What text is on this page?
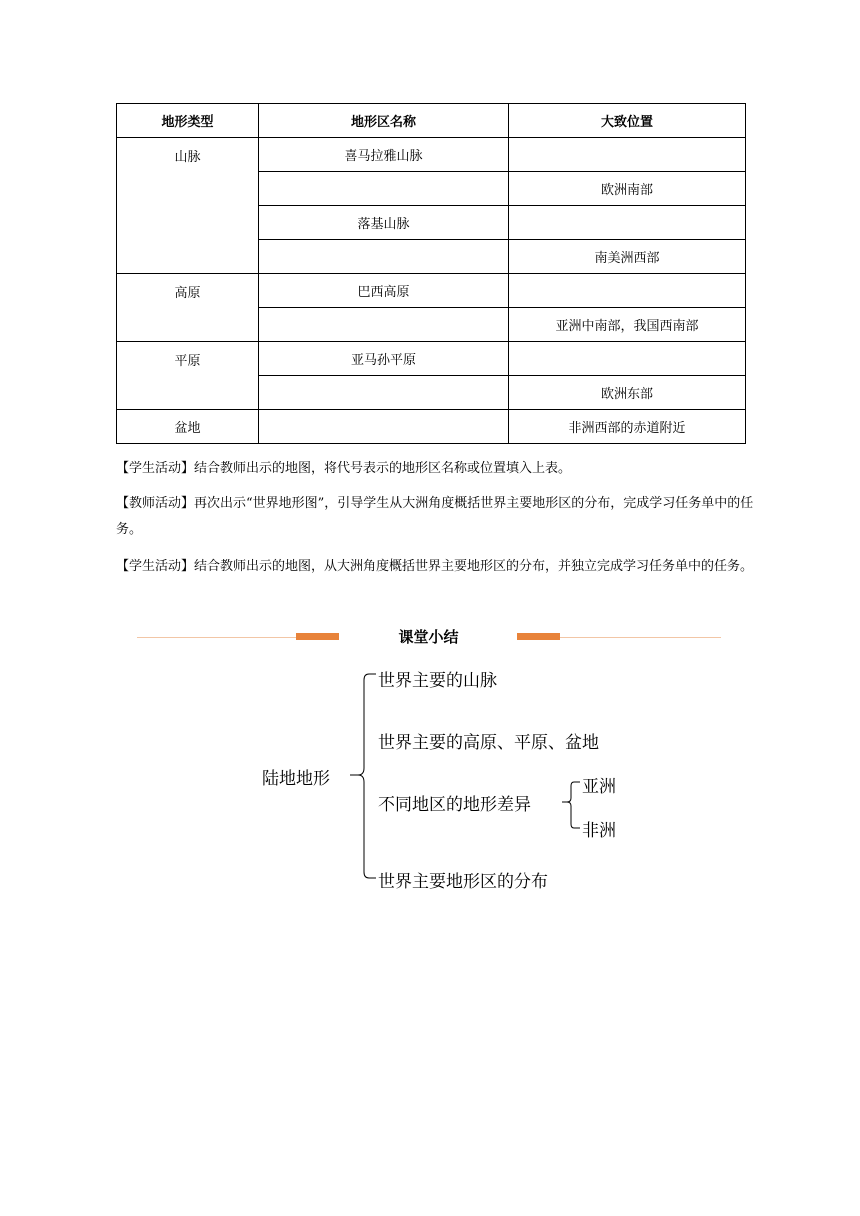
地形类型	地形区名称	大致位置
山脉	喜马拉雅山脉	
		欧洲南部
	落基山脉	
		南美洲西部
高原	巴西高原	
		亚洲中南部，我国西南部
平原	亚马孙平原	
		欧洲东部
盆地		非洲西部的赤道附近

【学生活动】结合教师出示的地图，将代号表示的地形区名称或位置填入上表。

【教师活动】再次出示“世界地形图”，引导学生从大洲角度概括世界主要地形区的分布，完成学习任务单中的任务。

【学生活动】结合教师出示的地图，从大洲角度概括世界主要地形区的分布，并独立完成学习任务单中的任务。

课堂小结
陆地地形
世界主要的山脉
世界主要的高原、平原、盆地
不同地区的地形差异
亚洲
非洲
世界主要地形区的分布
